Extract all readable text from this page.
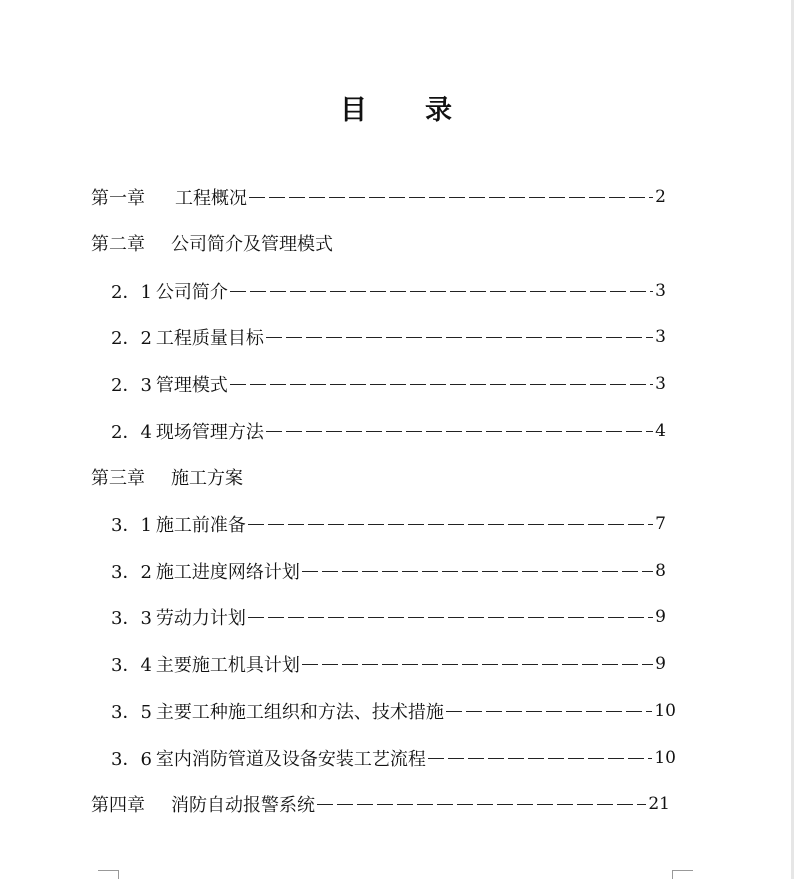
目 录
第一章 工程概况	2
第二章 公司简介及管理模式
2．1 公司简介	3
2．2 工程质量目标	3
2．3 管理模式	3
2．4 现场管理方法	4
第三章 施工方案
3．1 施工前准备	7
3．2 施工进度网络计划	8
3．3 劳动力计划	9
3．4 主要施工机具计划	9
3．5 主要工种施工组织和方法、技术措施	10
3．6 室内消防管道及设备安装工艺流程	10
第四章 消防自动报警系统	21
